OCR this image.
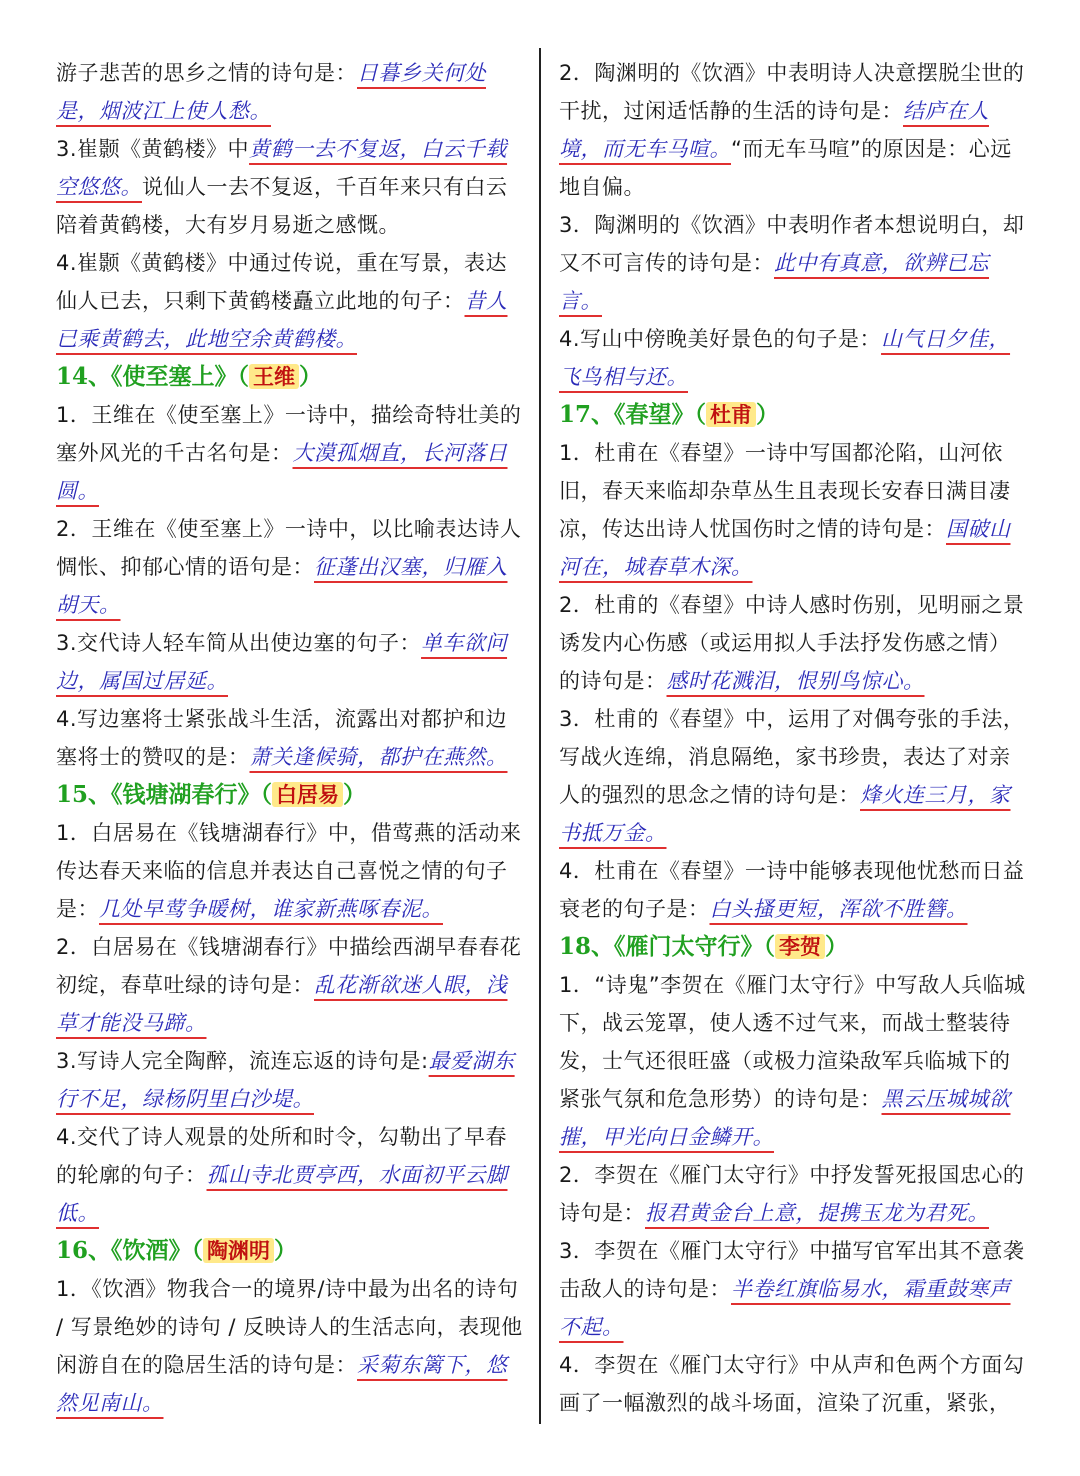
游子悲苦的思乡之情的诗句是：日暮乡关何处是，烟波江上使人愁。

3.崔颢《黄鹤楼》中黄鹤一去不复返，白云千载空悠悠。说仙人一去不复返，千百年来只有白云陪着黄鹤楼，大有岁月易逝之感慨。

4.崔颢《黄鹤楼》中通过传说，重在写景，表达仙人已去，只剩下黄鹤楼矗立此地的句子：昔人已乘黄鹤去，此地空余黄鹤楼。

14、《使至塞上》（ 王维 ）

1．王维在《使至塞上》一诗中，描绘奇特壮美的塞外风光的千古名句是：大漠孤烟直，长河落日圆。

2．王维在《使至塞上》一诗中，以比喻表达诗人惆怅、抑郁心情的语句是：征蓬出汉塞，归雁入胡天。

3.交代诗人轻车简从出使边塞的句子：单车欲问边，属国过居延。

4.写边塞将士紧张战斗生活，流露出对都护和边塞将士的赞叹的是：萧关逢候骑，都护在燕然。

15、《钱塘湖春行》（ 白居易 ）

1．白居易在《钱塘湖春行》中，借莺燕的活动来传达春天来临的信息并表达自己喜悦之情的句子是：几处早莺争暖树，谁家新燕啄春泥。

2．白居易在《钱塘湖春行》中描绘西湖早春春花初绽，春草吐绿的诗句是：乱花渐欲迷人眼，浅草才能没马蹄。

3.写诗人完全陶醉，流连忘返的诗句是:最爱湖东行不足，绿杨阴里白沙堤。

4.交代了诗人观景的处所和时令，勾勒出了早春的轮廓的句子：孤山寺北贾亭西，水面初平云脚低。

16、《饮酒》（ 陶渊明 ）

1．《饮酒》物我合一的境界/诗中最为出名的诗句 / 写景绝妙的诗句 / 反映诗人的生活志向，表现他闲游自在的隐居生活的诗句是：采菊东篱下，悠然见南山。

2．陶渊明的《饮酒》中表明诗人决意摆脱尘世的干扰，过闲适恬静的生活的诗句是：结庐在人境，而无车马喧。“而无车马喧”的原因是：心远地自偏。

3．陶渊明的《饮酒》中表明作者本想说明白，却又不可言传的诗句是：此中有真意，欲辨已忘言。

4.写山中傍晚美好景色的句子是：山气日夕佳，飞鸟相与还。

17、《春望》（ 杜甫 ）

1．杜甫在《春望》一诗中写国都沦陷，山河依旧，春天来临却杂草丛生且表现长安春日满目凄凉，传达出诗人忧国伤时之情的诗句是：国破山河在，城春草木深。

2．杜甫的《春望》中诗人感时伤别，见明丽之景诱发内心伤感（或运用拟人手法抒发伤感之情）的诗句是：感时花溅泪，恨别鸟惊心。

3．杜甫的《春望》中，运用了对偶夸张的手法，写战火连绵，消息隔绝，家书珍贵，表达了对亲人的强烈的思念之情的诗句是：烽火连三月，家书抵万金。

4．杜甫在《春望》一诗中能够表现他忧愁而日益衰老的句子是：白头搔更短，浑欲不胜簪。

18、《雁门太守行》（ 李贺 ）

1．“诗鬼”李贺在《雁门太守行》中写敌人兵临城下，战云笼罩，使人透不过气来，而战士整装待发，士气还很旺盛（或极力渲染敌军兵临城下的紧张气氛和危急形势）的诗句是：黑云压城城欲摧，甲光向日金鳞开。

2．李贺在《雁门太守行》中抒发誓死报国忠心的诗句是：报君黄金台上意，提携玉龙为君死。

3．李贺在《雁门太守行》中描写官军出其不意袭击敌人的诗句是：半卷红旗临易水，霜重鼓寒声不起。

4．李贺在《雁门太守行》中从声和色两个方面勾画了一幅激烈的战斗场面，渲染了沉重，紧张，
